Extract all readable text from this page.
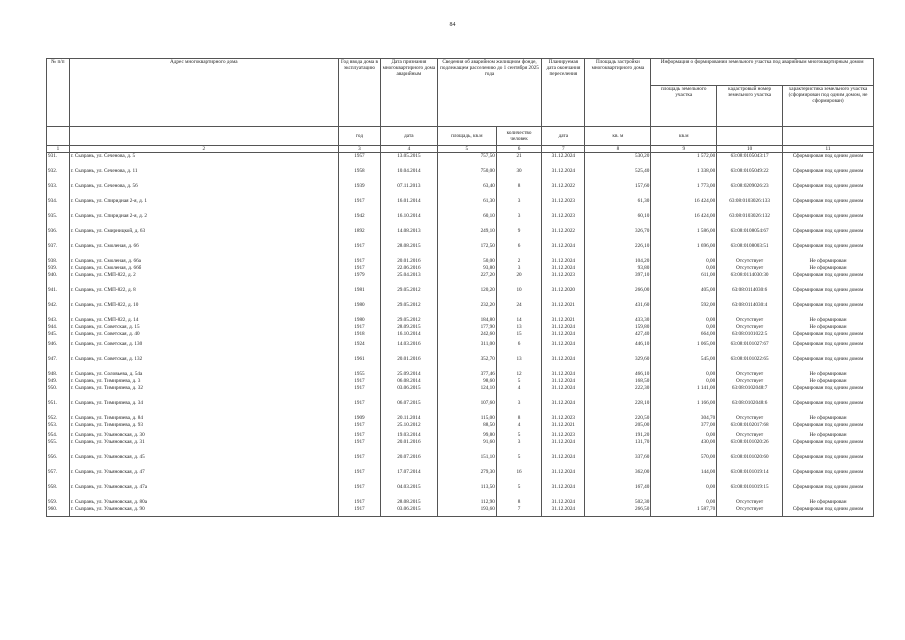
84
№ п/п	Адрес многоквартирного дома	Год ввода дома в эксплуатацию	Дата признания многоквартирного дома аварийным	Сведения об аварийном жилищном фонде, подлежащем расселению до 1 сентября 2025 года		Планируемая дата окончания переселения	Площадь застройки многоквартирного дома	Информация о формировании земельного участка под аварийным многоквартирным домом		
								площадь земельного участка	кадастровый номер земельного участка	характеристика земельного участка (сформирован под одним домом, не сформирован)
		год	дата	площадь, кв.м	количество человек	дата	кв. м	кв.м		
1	2	3	4	5	6	7	8	9	10	11
931.	г. Сызрань, ул. Сеченова, д. 5	1957	13.05.2015	757,50	21	31.12.2024	530,20	1 572,00	63:08:0105043:17	Сформирован под одним домом
932.	г. Сызрань, ул. Сеченова, д. 11	1958	10.04.2014	750,00	30	31.12.2024	525,40	1 338,00	63:08:0105049:22	Сформирован под одним домом
933.	г. Сызрань, ул. Сеченова, д. 56	1939	07.11.2013	63,40	8	31.12.2022	157,60	1 773,00	63:08:0209026:23	Сформирован под одним домом
934.	г. Сызрань, ул. Спиридная 2-я, д. 1	1917	16.01.2014	61,30	3	31.12.2023	61,30	16 424,00	63:08:0103026:133	Сформирован под одним домом
935.	г. Сызрань, ул. Спиридная 2-я, д. 2	1942	16.10.2014	60,10	3	31.12.2023	60,10	16 424,00	63:08:0103026:132	Сформирован под одним домом
936.	г. Сызрань, ул. Смирницкой, д. 63	1892	14.08.2013	249,10	9	31.12.2022	326,70	1 586,00	63:08:0108054:67	Сформирован под одним домом
937.	г. Сызрань, ул. Смоленая, д. 66	1917	28.08.2015	172,50	6	31.12.2024	226,10	1 696,00	63:08:0108003:51	Сформирован под одним домом
938.	г. Сызрань, ул. Смоленая, д. 66а	1917	20.01.2016	50,00	2	31.12.2024	104,20	0,00	Отсутствует	Не сформирован
939.	г. Сызрань, ул. Смоленая, д. 66б	1917	22.06.2016	93,80	3	31.12.2024	93,80	0,00	Отсутствует	Не сформирован
940.	г. Сызрань, ул. СМП-822, д. 2	1979	25.04.2013	227,20	20	31.12.2023	397,10	611,00	63:08:0114030:30	Сформирован под одним домом
941.	г. Сызрань, ул. СМП-822, д. 8	1981	29.05.2012	120,20	10	31.12.2020	266,00	405,00	63:08:0114030:6	Сформирован под одним домом
942.	г. Сызрань, ул. СМП-822, д. 10	1980	29.05.2012	232,20	24	31.12.2021	431,60	592,00	63:08:0114030:4	Сформирован под одним домом
943.	г. Сызрань, ул. СМП-822, д. 14	1980	29.05.2012	184,80	14	31.12.2021	433,30	0,00	Отсутствует	Не сформирован
944.	г. Сызрань, ул. Советская, д. 15	1917	28.09.2015	177,90	13	31.12.2024	159,80	0,00	Отсутствует	Не сформирован
945.	г. Сызрань, ул. Советская, д. 40	1918	16.10.2014	242,60	15	31.12.2024	427,40	664,00	63:08:0101022:5	Сформирован под одним домом
946.	г. Сызрань, ул. Советская, д. 130	1924	14.03.2016	311,00	6	31.12.2024	446,10	1 065,00	63:08:0101027:67	Сформирован под одним домом
947.	г. Сызрань, ул. Советская, д. 132	1961	20.01.2016	352,70	13	31.12.2024	329,60	545,00	63:08:0101022:65	Сформирован под одним домом
948.	г. Сызрань, ул. Соловьева, д. 54а	1955	25.09.2014	377,46	12	31.12.2024	466,10	0,00	Отсутствует	Не сформирован
949.	г. Сызрань, ул. Тимирязева, д. 3	1917	06.08.2014	98,60	5	31.12.2024	168,50	0,00	Отсутствует	Не сформирован
950.	г. Сызрань, ул. Тимирязева, д. 32	1917	03.06.2015	124,10	4	31.12.2024	222,30	1 141,00	63:08:0102048:7	Сформирован под одним домом
951.	г. Сызрань, ул. Тимирязева, д. 34	1917	06.07.2015	107,60	3	31.12.2024	228,10	1 166,00	63:08:0102048:6	Сформирован под одним домом
952.	г. Сызрань, ул. Тимирязева, д. 84	1909	20.11.2014	115,00	8	31.12.2023	220,50	304,70	Отсутствует	Не сформирован
953.	г. Сызрань, ул. Тимирязева, д. 93	1917	25.10.2012	88,50	4	31.12.2021	205,00	377,00	63:08:0102017:68	Сформирован под одним домом
954.	г. Сызрань, ул. Ульяновская, д. 30	1917	19.03.2014	99,80	5	31.12.2023	191,20	0,00	Отсутствует	Не сформирован
955.	г. Сызрань, ул. Ульяновская, д. 31	1917	20.01.2016	91,60	3	31.12.2024	131,70	430,00	63:08:0101020:26	Сформирован под одним домом
956.	г. Сызрань, ул. Ульяновская, д. 45	1917	20.07.2016	151,10	5	31.12.2024	337,60	570,00	63:08:0101020:60	Сформирован под одним домом
957.	г. Сызрань, ул. Ульяновская, д. 47	1917	17.07.2014	279,30	16	31.12.2024	362,00	144,00	63:08:0101019:14	Сформирован под одним домом
958.	г. Сызрань, ул. Ульяновская, д. 47а	1917	04.03.2015	113,50	5	31.12.2024	167,40	0,00	63:08:0101019:15	Сформирован под одним домом
959.	г. Сызрань, ул. Ульяновская, д. 80а	1917	28.08.2015	112,90	8	31.12.2024	502,30	0,00	Отсутствует	Не сформирован
960.	г. Сызрань, ул. Ульяновская, д. 90	1917	03.06.2015	193,60	7	31.12.2024	266,50	1 587,70	Отсутствует	Сформирован под одним домом
